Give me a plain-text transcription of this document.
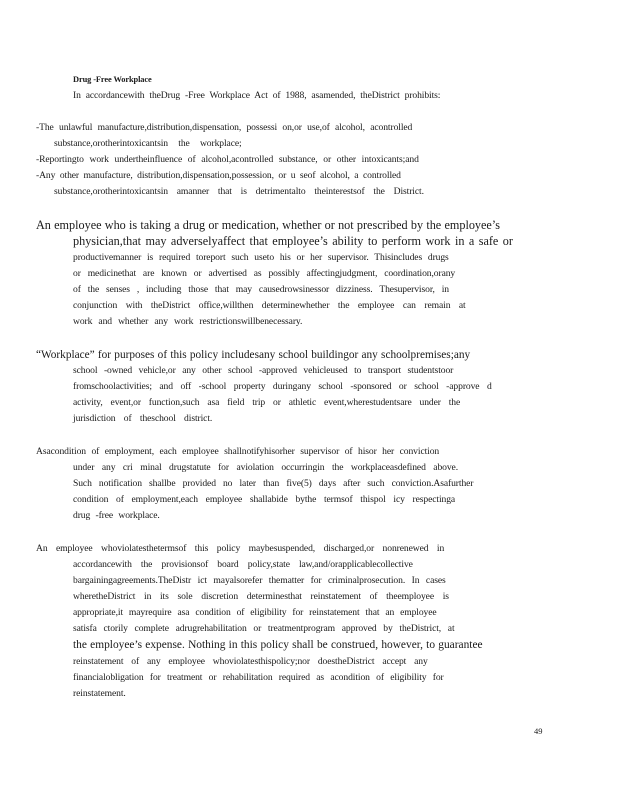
Drug -Free Workplace
In accordancewith theDrug -Free Workplace Act of 1988, asamended, theDistrict prohibits:
-The unlawful manufacture,distribution,dispensation, possessi on,or use,of alcohol, acontrolled
substance,orotherintoxicantsin the workplace;
-Reportingto work undertheinfluence of alcohol,acontrolled substance, or other intoxicants;and
-Any other manufacture, distribution,dispensation,possession, or u seof alcohol, a controlled
substance,orotherintoxicantsin amanner that is detrimentalto theinterestsof the District.
An employee who is taking a drug or medication, whether or not prescribed by the employee’s
physician,that may adverselyaffect that employee’s ability to perform work in a safe or
productivemanner is required toreport such useto his or her supervisor. Thisincludes drugs
or medicinethat are known or advertised as possibly affectingjudgment, coordination,orany
of the senses , including those that may causedrowsinessor dizziness. Thesupervisor, in
conjunction with theDistrict office,willthen determinewhether the employee can remain at
work and whether any work restrictionswillbenecessary.
“Workplace” for purposes of this policy includesany school buildingor any schoolpremises;any
school -owned vehicle,or any other school -approved vehicleused to transport studentstoor
fromschoolactivities; and off -school property duringany school -sponsored or school -approve d
activity, event,or function,such asa field trip or athletic event,wherestudentsare under the
jurisdiction of theschool district.
Asacondition of employment, each employee shallnotifyhisorher supervisor of hisor her conviction
under any cri minal drugstatute for aviolation occurringin the workplaceasdefined above.
Such notification shallbe provided no later than five(5) days after such conviction.Asafurther
condition of employment,each employee shallabide bythe termsof thispol icy respectinga
drug -free workplace.
An employee whoviolatesthetermsof this policy maybesuspended, discharged,or nonrenewed in
accordancewith the provisionsof board policy,state law,and/orapplicablecollective
bargainingagreements.TheDistr ict mayalsorefer thematter for criminalprosecution. In cases
wheretheDistrict in its sole discretion determinesthat reinstatement of theemployee is
appropriate,it mayrequire asa condition of eligibility for reinstatement that an employee
satisfa ctorily complete adrugrehabilitation or treatmentprogram approved by theDistrict, at
the employee’s expense. Nothing in this policy shall be construed, however, to guarantee
reinstatement of any employee whoviolatesthispolicy;nor doestheDistrict accept any
financialobligation for treatment or rehabilitation required as acondition of eligibility for
reinstatement.
49
